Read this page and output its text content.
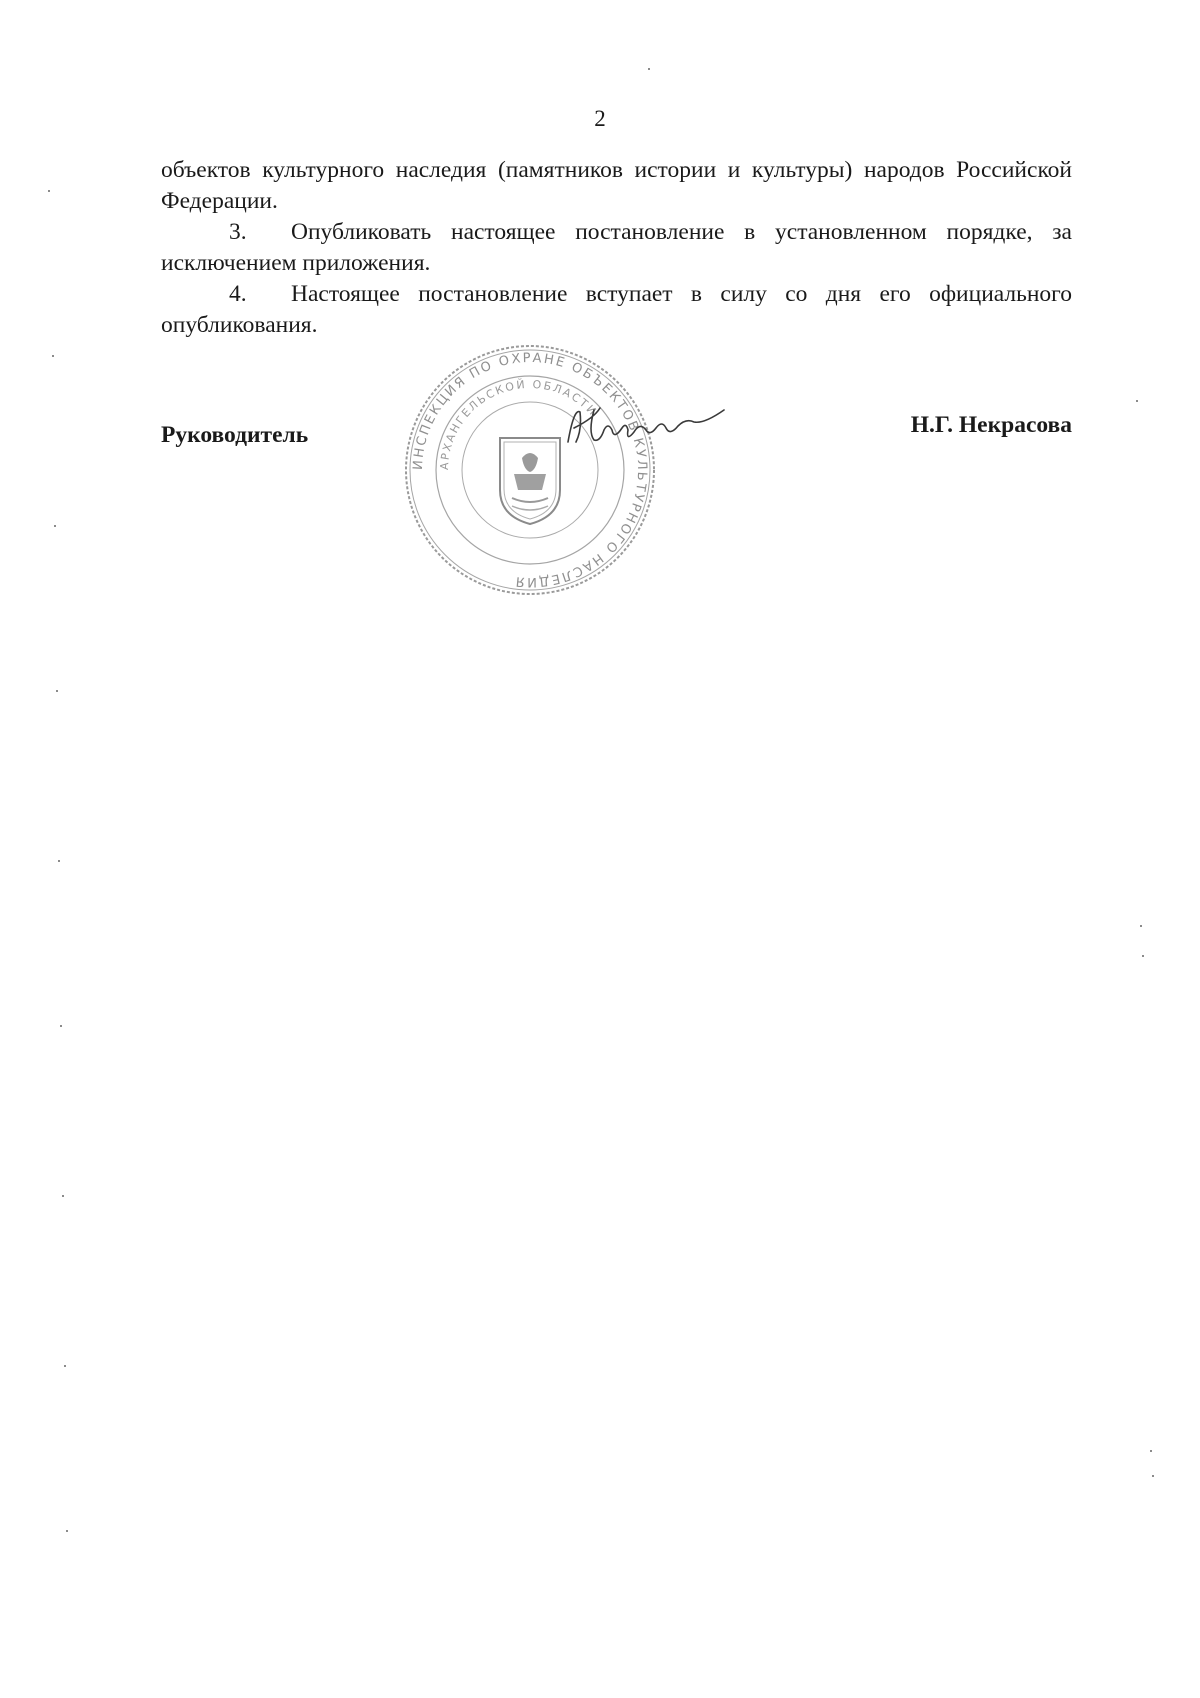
2

объектов культурного наследия (памятников истории и культуры) народов Российской Федерации.

3. Опубликовать настоящее постановление в установленном порядке, за исключением приложения.

4. Настоящее постановление вступает в силу со дня его официального опубликования.

ИНСПЕКЦИЯ ПО ОХРАНЕ ОБЪЕКТОВ КУЛЬТУРНОГО НАСЛЕДИЯ
АРХАНГЕЛЬСКОЙ ОБЛАСТИ
Руководитель	Н.Г. Некрасова
